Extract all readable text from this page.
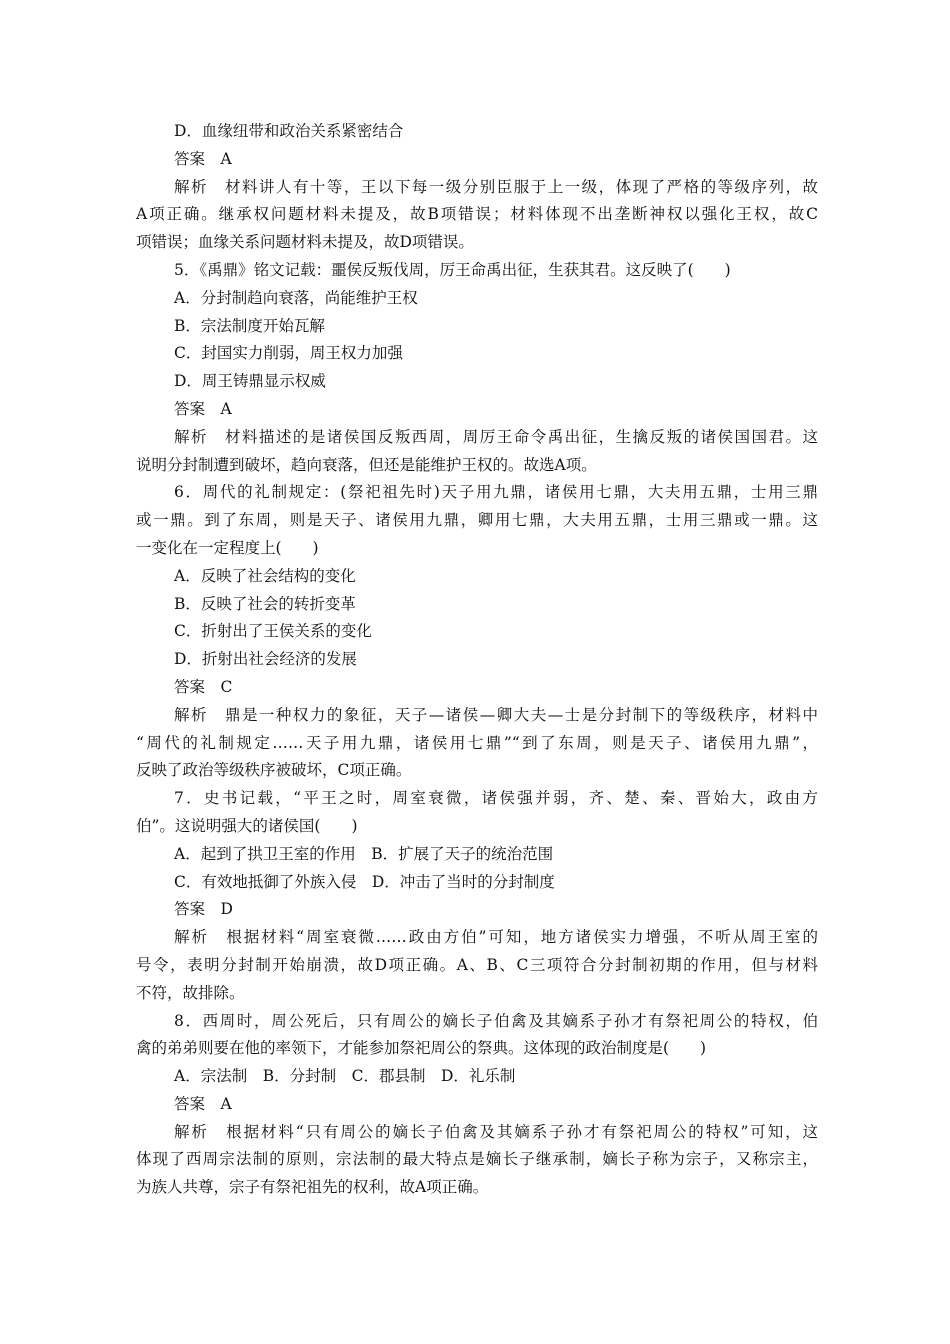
D．血缘纽带和政治关系紧密结合
答案　A
解析　材料讲人有十等，王以下每一级分别臣服于上一级，体现了严格的等级序列，故
A项正确。继承权问题材料未提及，故B项错误；材料体现不出垄断神权以强化王权，故C
项错误；血缘关系问题材料未提及，故D项错误。
5．《禹鼎》铭文记载：噩侯反叛伐周，厉王命禹出征，生获其君。这反映了(　　)
A．分封制趋向衰落，尚能维护王权
B．宗法制度开始瓦解
C．封国实力削弱，周王权力加强
D．周王铸鼎显示权威
答案　A
解析　材料描述的是诸侯国反叛西周，周厉王命令禹出征，生擒反叛的诸侯国国君。这
说明分封制遭到破坏，趋向衰落，但还是能维护王权的。故选A项。
6．周代的礼制规定：(祭祀祖先时)天子用九鼎，诸侯用七鼎，大夫用五鼎，士用三鼎
或一鼎。到了东周，则是天子、诸侯用九鼎，卿用七鼎，大夫用五鼎，士用三鼎或一鼎。这
一变化在一定程度上(　　)
A．反映了社会结构的变化
B．反映了社会的转折变革
C．折射出了王侯关系的变化
D．折射出社会经济的发展
答案　C
解析　鼎是一种权力的象征，天子—诸侯—卿大夫—士是分封制下的等级秩序，材料中
“周代的礼制规定……天子用九鼎，诸侯用七鼎”“到了东周，则是天子、诸侯用九鼎”，
反映了政治等级秩序被破坏，C项正确。
7．史书记载，“平王之时，周室衰微，诸侯强并弱，齐、楚、秦、晋始大，政由方
伯”。这说明强大的诸侯国(　　)
A．起到了拱卫王室的作用　B．扩展了天子的统治范围
C．有效地抵御了外族入侵　D．冲击了当时的分封制度
答案　D
解析　根据材料“周室衰微……政由方伯”可知，地方诸侯实力增强，不听从周王室的
号令，表明分封制开始崩溃，故D项正确。A、B、C三项符合分封制初期的作用，但与材料
不符，故排除。
8．西周时，周公死后，只有周公的嫡长子伯禽及其嫡系子孙才有祭祀周公的特权，伯
禽的弟弟则要在他的率领下，才能参加祭祀周公的祭典。这体现的政治制度是(　　)
A．宗法制　B．分封制　C．郡县制　D．礼乐制
答案　A
解析　根据材料“只有周公的嫡长子伯禽及其嫡系子孙才有祭祀周公的特权”可知，这
体现了西周宗法制的原则，宗法制的最大特点是嫡长子继承制，嫡长子称为宗子，又称宗主，
为族人共尊，宗子有祭祀祖先的权利，故A项正确。
